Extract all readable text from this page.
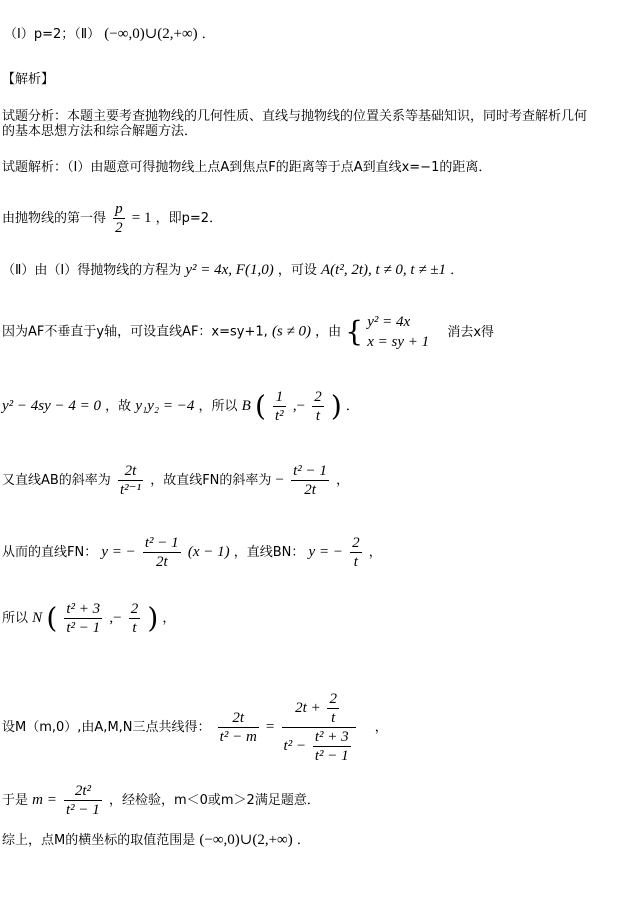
（Ⅰ）p=2；（Ⅱ） (−∞,0)∪(2,+∞) ．
【解析】
试题分析：本题主要考查抛物线的几何性质、直线与抛物线的位置关系等基础知识，同时考查解析几何
的基本思想方法和综合解题方法．
试题解析：（Ⅰ）由题意可得抛物线上点A到焦点F的距离等于点A到直线x=−1的距离．
由抛物线的第一得 $\frac{p}{2} = 1$ ，即p=2．
（Ⅱ）由（Ⅰ）得抛物线的方程为 y² = 4x, F(1,0) ，可设 A(t², 2t), t ≠ 0, t ≠ ±1 ．
因为AF不垂直于y轴，可设直线AF：x=sy+1, (s ≠ 0) ，由 { y² = 4x
x = sy + 1
消去x得
y² − 4sy − 4 = 0 ，故 y₁y₂ = −4 ，所以 B ( $\frac{1}{\text{t²}}$ ,− $\frac{2}{t}$ ) ．
又直线AB的斜率为 $\frac{2t}{\text{t²⁻¹}}$ ，故直线FN的斜率为 − $\frac{\text{t² − 1}}{2t}$ ，
从而的直线FN： y = − $\frac{\text{t² − 1}}{2t} (x - 1)$ ，直线BN： y = − $\frac{2}{t}$ ，
所以 N ( $\frac{\text{t² + 3}}{\text{t² − 1}}$ ,− $\frac{2}{t}$ ) ，
设M（m,0）,由A,M,N三点共线得： $\frac{2t}{\text{t² − m}} = \frac{2t + \frac{2}{t}}{t^2 - \frac{\text{t² + 3}}{\text{t² − 1}}}$ ，
于是 $m = \frac{\text{2t²}}{\text{t² − 1}}$ ，经检验，m＜0或m＞2满足题意．
综上，点M的横坐标的取值范围是 (−∞,0)∪(2,+∞) ．
